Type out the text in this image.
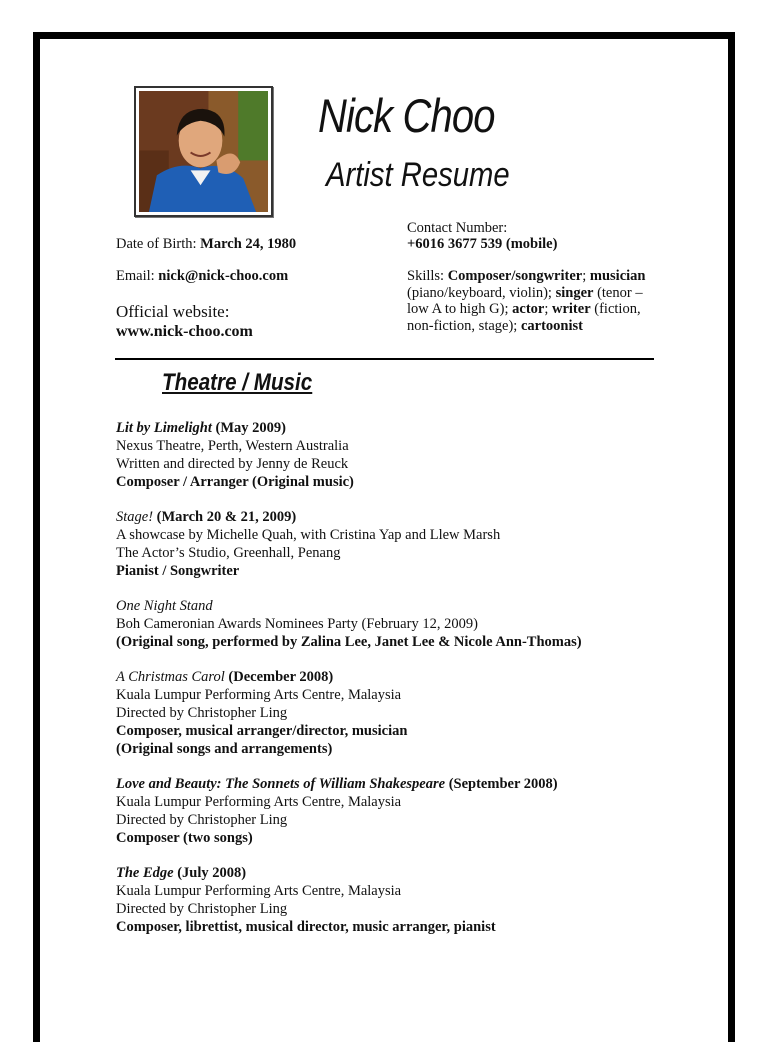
Nick Choo
Artist Resume
Date of Birth: March 24, 1980
Email: nick@nick-choo.com
Official website:
www.nick-choo.com
Contact Number:
+6016 3677 539 (mobile)
Skills: Composer/songwriter; musician
(piano/keyboard, violin); singer (tenor –
low A to high G); actor; writer (fiction,
non-fiction, stage); cartoonist
Theatre / Music
Lit by Limelight (May 2009)
Nexus Theatre, Perth, Western Australia
Written and directed by Jenny de Reuck
Composer / Arranger (Original music)
Stage! (March 20 & 21, 2009)
A showcase by Michelle Quah, with Cristina Yap and Llew Marsh
The Actor’s Studio, Greenhall, Penang
Pianist / Songwriter
One Night Stand
Boh Cameronian Awards Nominees Party (February 12, 2009)
(Original song, performed by Zalina Lee, Janet Lee & Nicole Ann-Thomas)
A Christmas Carol (December 2008)
Kuala Lumpur Performing Arts Centre, Malaysia
Directed by Christopher Ling
Composer, musical arranger/director, musician
(Original songs and arrangements)
Love and Beauty: The Sonnets of William Shakespeare (September 2008)
Kuala Lumpur Performing Arts Centre, Malaysia
Directed by Christopher Ling
Composer (two songs)
The Edge (July 2008)
Kuala Lumpur Performing Arts Centre, Malaysia
Directed by Christopher Ling
Composer, librettist, musical director, music arranger, pianist
